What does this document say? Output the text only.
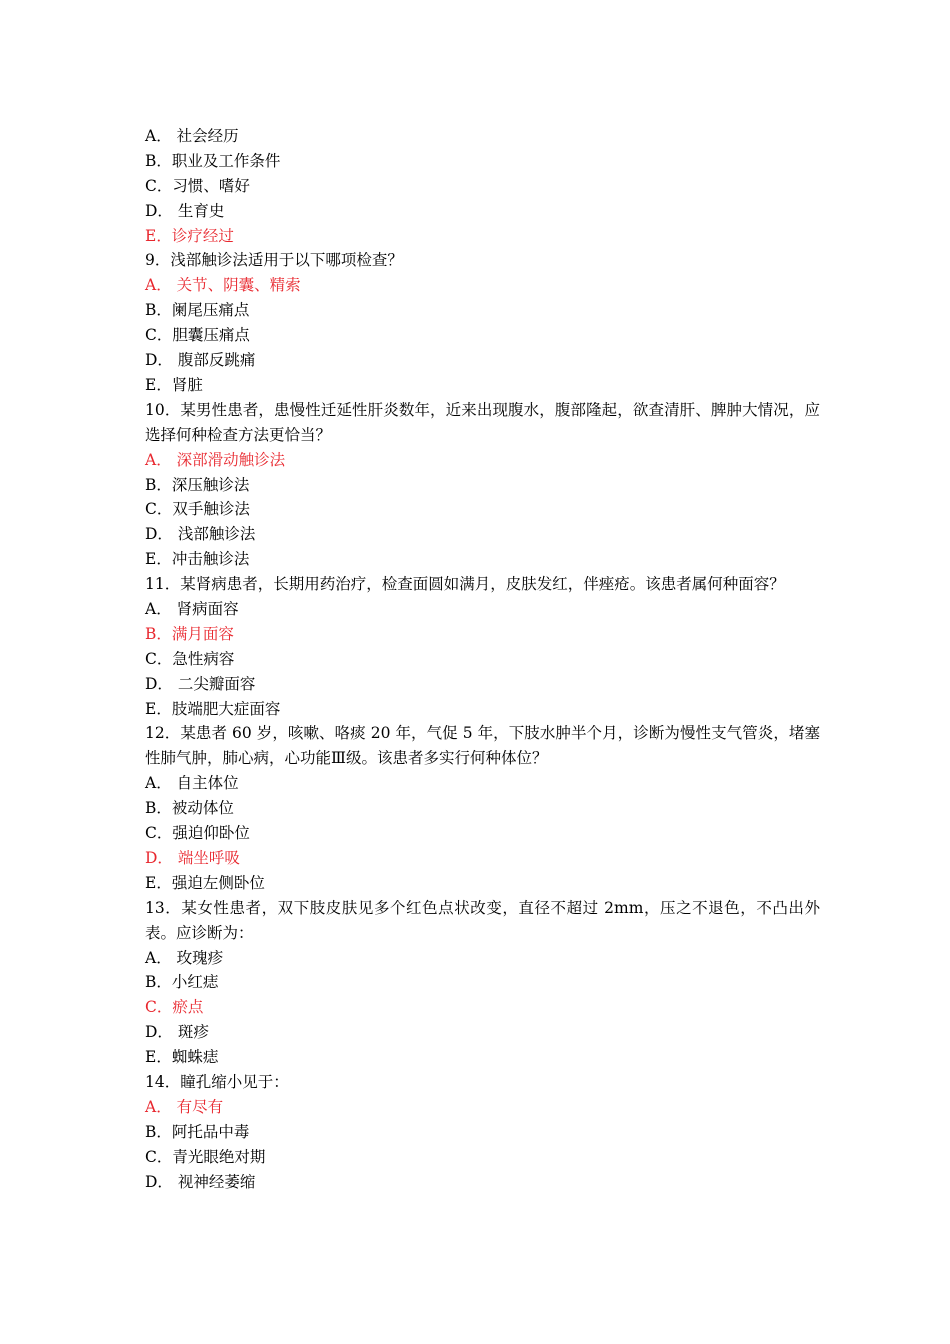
A． 社会经历
B．职业及工作条件
C．习惯、嗜好
D． 生育史
E．诊疗经过
9．浅部触诊法适用于以下哪项检查？
A． 关节、阴囊、精索
B．阑尾压痛点
C．胆囊压痛点
D． 腹部反跳痛
E．肾脏
10．某男性患者，患慢性迁延性肝炎数年，近来出现腹水，腹部隆起，欲查清肝、脾肿大情况，应选择何种检查方法更恰当？
A． 深部滑动触诊法
B．深压触诊法
C．双手触诊法
D． 浅部触诊法
E．冲击触诊法
11．某肾病患者，长期用药治疗，检查面圆如满月，皮肤发红，伴痤疮。该患者属何种面容？
A． 肾病面容
B．满月面容
C．急性病容
D． 二尖瓣面容
E．肢端肥大症面容
12．某患者 60 岁，咳嗽、咯痰 20 年，气促 5 年，下肢水肿半个月，诊断为慢性支气管炎，堵塞性肺气肿，肺心病，心功能Ⅲ级。该患者多实行何种体位？
A． 自主体位
B．被动体位
C．强迫仰卧位
D． 端坐呼吸
E．强迫左侧卧位
13．某女性患者，双下肢皮肤见多个红色点状改变，直径不超过 2mm，压之不退色，不凸出外表。应诊断为：
A． 玫瑰疹
B．小红痣
C．瘀点
D． 斑疹
E．蜘蛛痣
14．瞳孔缩小见于：
A． 有尽有
B．阿托品中毒
C．青光眼绝对期
D． 视神经萎缩
